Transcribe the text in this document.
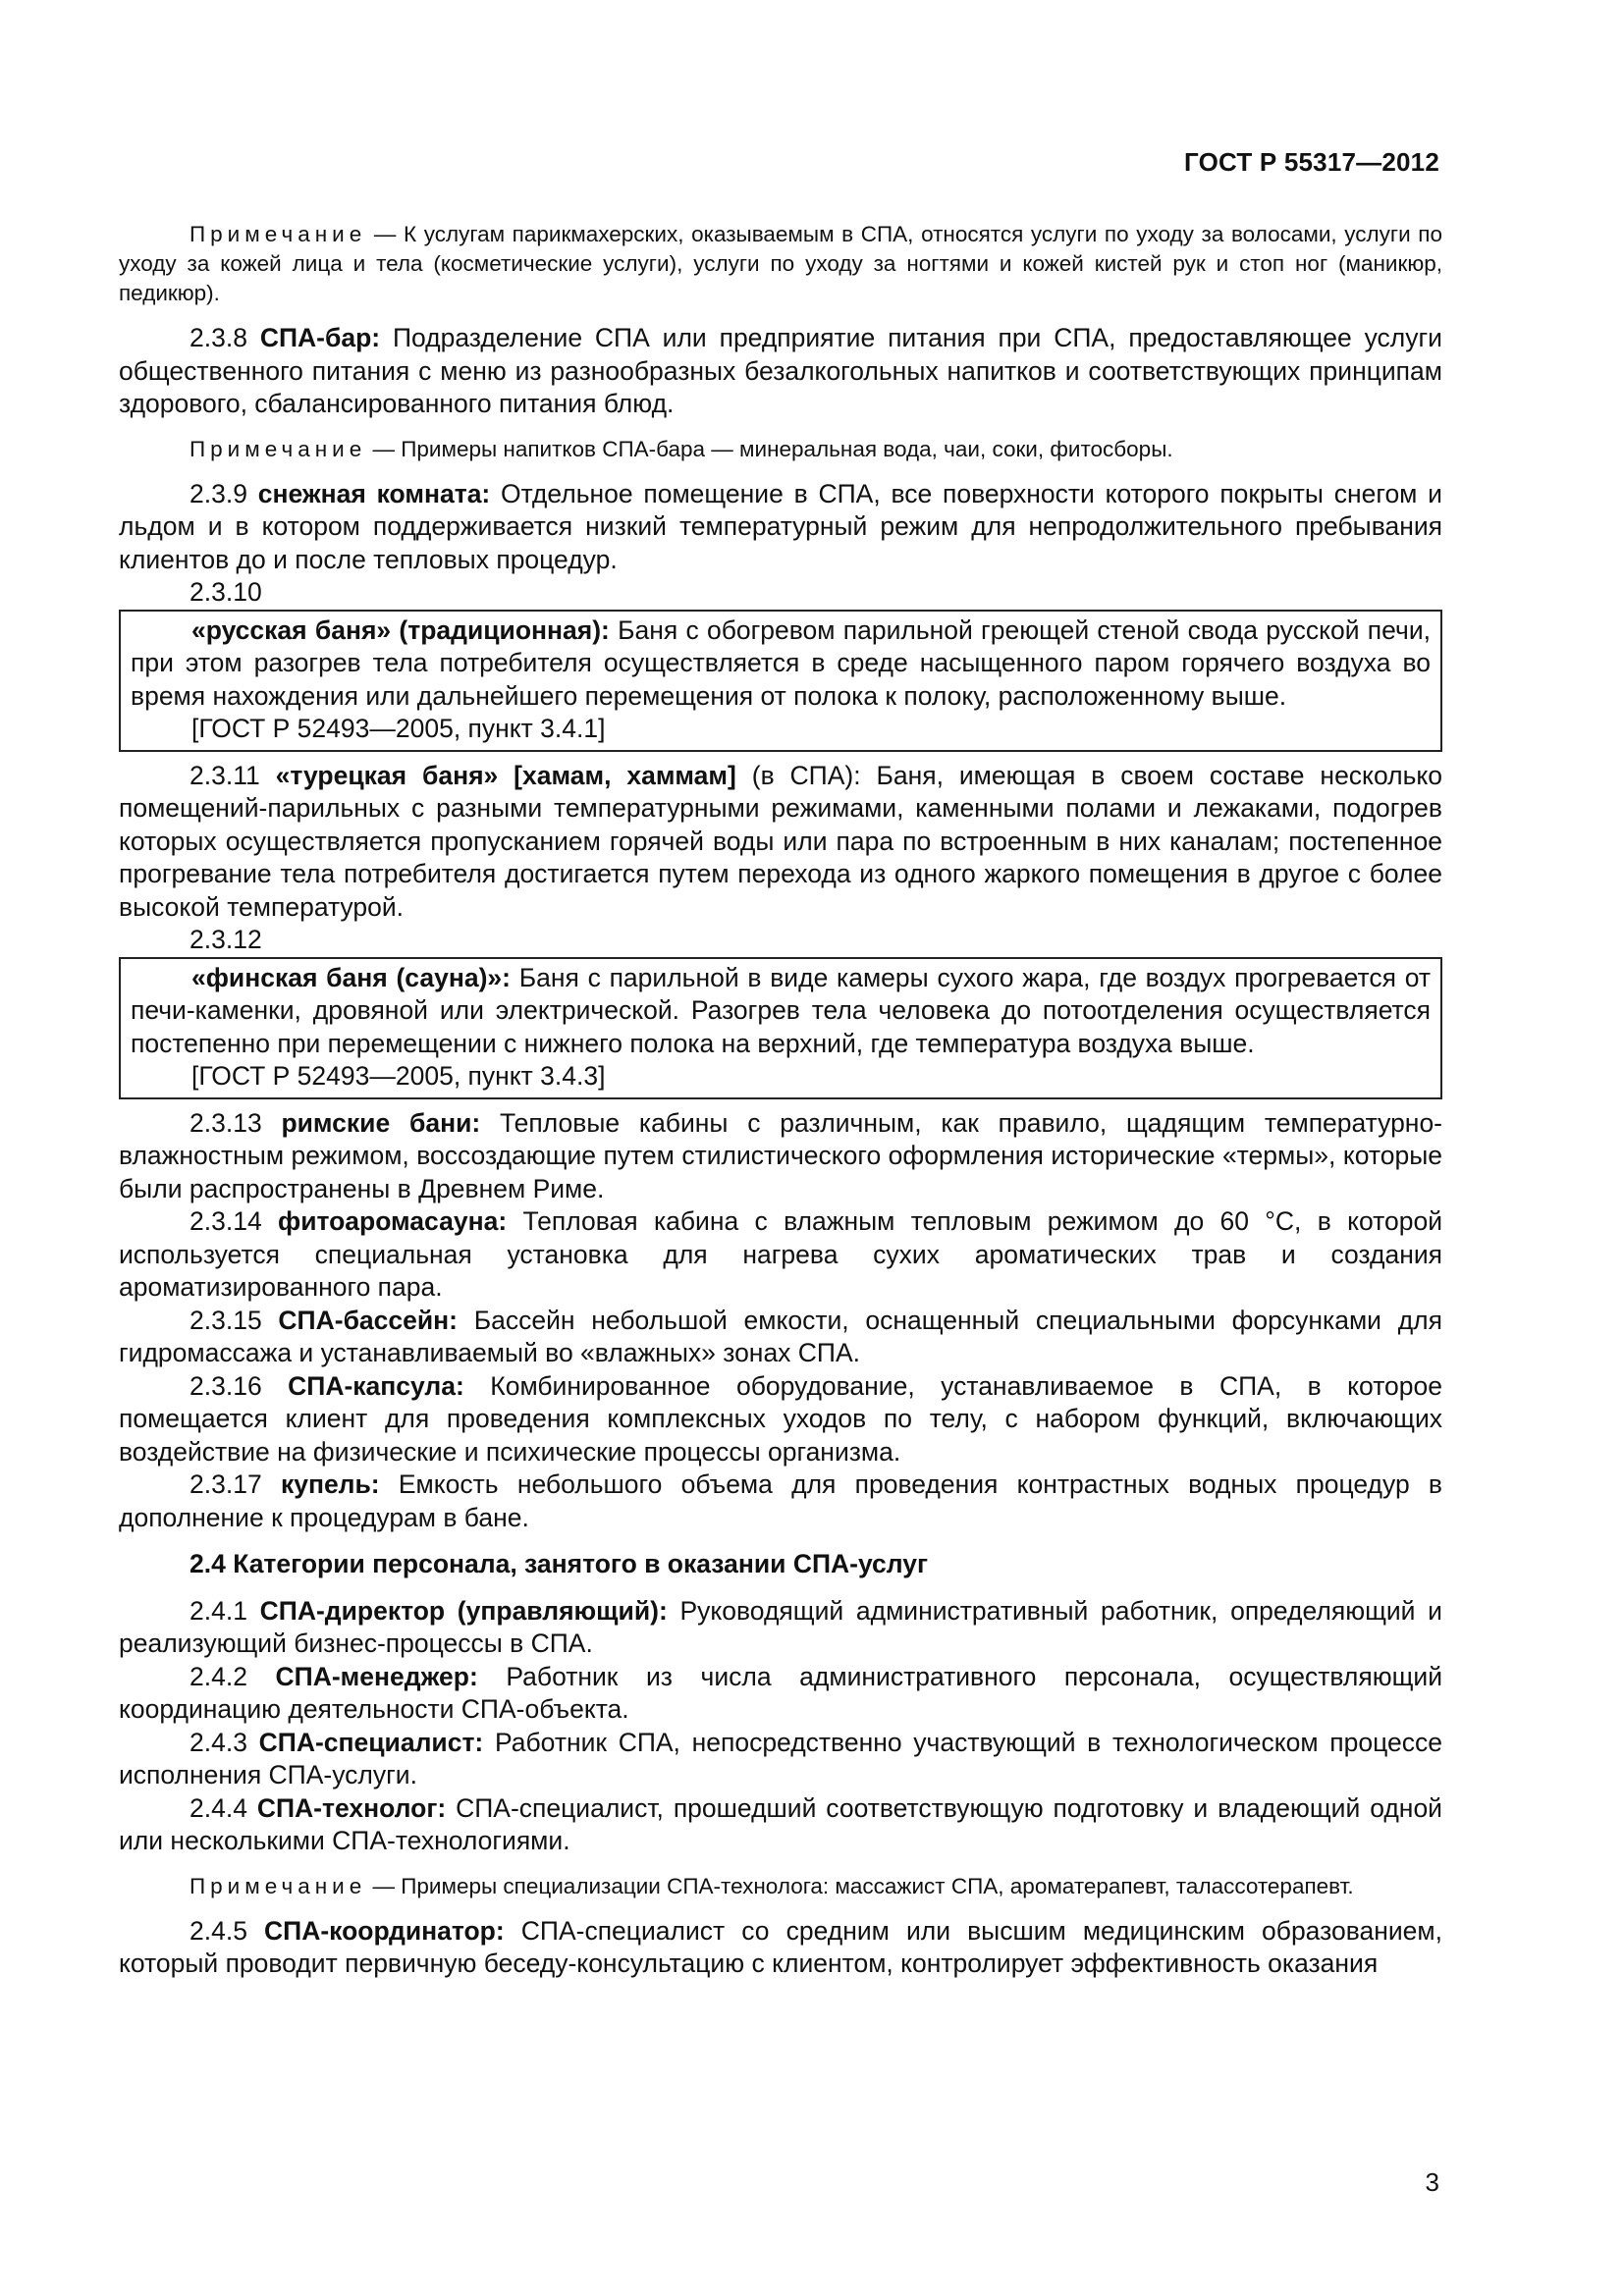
ГОСТ Р 55317—2012

Примечание — К услугам парикмахерских, оказываемым в СПА, относятся услуги по уходу за волосами, услуги по уходу за кожей лица и тела (косметические услуги), услуги по уходу за ногтями и кожей кистей рук и стоп ног (маникюр, педикюр).

2.3.8 СПА-бар: Подразделение СПА или предприятие питания при СПА, предоставляющее услуги общественного питания с меню из разнообразных безалкогольных напитков и соответствующих принципам здорового, сбалансированного питания блюд.

Примечание — Примеры напитков СПА-бара — минеральная вода, чаи, соки, фитосборы.

2.3.9 снежная комната: Отдельное помещение в СПА, все поверхности которого покрыты снегом и льдом и в котором поддерживается низкий температурный режим для непродолжительного пребывания клиентов до и после тепловых процедур.

2.3.10

«русская баня» (традиционная): Баня с обогревом парильной греющей стеной свода русской печи, при этом разогрев тела потребителя осуществляется в среде насыщенного паром горячего воздуха во время нахождения или дальнейшего перемещения от полока к полоку, расположенному выше.

[ГОСТ Р 52493—2005, пункт 3.4.1]

2.3.11 «турецкая баня» [хамам, хаммам] (в СПА): Баня, имеющая в своем составе несколько помещений-парильных с разными температурными режимами, каменными полами и лежаками, подогрев которых осуществляется пропусканием горячей воды или пара по встроенным в них каналам; постепенное прогревание тела потребителя достигается путем перехода из одного жаркого помещения в другое с более высокой температурой.

2.3.12

«финская баня (сауна)»: Баня с парильной в виде камеры сухого жара, где воздух прогревается от печи-каменки, дровяной или электрической. Разогрев тела человека до потоотделения осуществляется постепенно при перемещении с нижнего полока на верхний, где температура воздуха выше.

[ГОСТ Р 52493—2005, пункт 3.4.3]

2.3.13 римские бани: Тепловые кабины с различным, как правило, щадящим температурно-влажностным режимом, воссоздающие путем стилистического оформления исторические «термы», которые были распространены в Древнем Риме.

2.3.14 фитоаромасауна: Тепловая кабина с влажным тепловым режимом до 60 °С, в которой используется специальная установка для нагрева сухих ароматических трав и создания ароматизированного пара.

2.3.15 СПА-бассейн: Бассейн небольшой емкости, оснащенный специальными форсунками для гидромассажа и устанавливаемый во «влажных» зонах СПА.

2.3.16 СПА-капсула: Комбинированное оборудование, устанавливаемое в СПА, в которое помещается клиент для проведения комплексных уходов по телу, с набором функций, включающих воздействие на физические и психические процессы организма.

2.3.17 купель: Емкость небольшого объема для проведения контрастных водных процедур в дополнение к процедурам в бане.

2.4 Категории персонала, занятого в оказании СПА-услуг

2.4.1 СПА-директор (управляющий): Руководящий административный работник, определяющий и реализующий бизнес-процессы в СПА.

2.4.2 СПА-менеджер: Работник из числа административного персонала, осуществляющий координацию деятельности СПА-объекта.

2.4.3 СПА-специалист: Работник СПА, непосредственно участвующий в технологическом процессе исполнения СПА-услуги.

2.4.4 СПА-технолог: СПА-специалист, прошедший соответствующую подготовку и владеющий одной или несколькими СПА-технологиями.

Примечание — Примеры специализации СПА-технолога: массажист СПА, ароматерапевт, талассотерапевт.

2.4.5 СПА-координатор: СПА-специалист со средним или высшим медицинским образованием, который проводит первичную беседу-консультацию с клиентом, контролирует эффективность оказания

3
